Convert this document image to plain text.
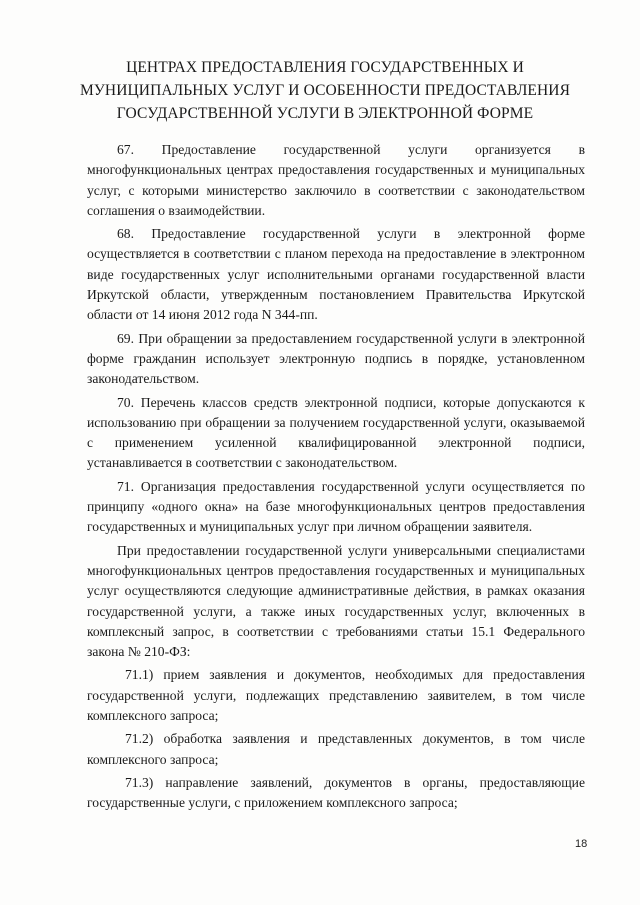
ЦЕНТРАХ ПРЕДОСТАВЛЕНИЯ ГОСУДАРСТВЕННЫХ И
МУНИЦИПАЛЬНЫХ УСЛУГ И ОСОБЕННОСТИ ПРЕДОСТАВЛЕНИЯ
ГОСУДАРСТВЕННОЙ УСЛУГИ В ЭЛЕКТРОННОЙ ФОРМЕ

67. Предоставление государственной услуги организуется в многофункциональных центрах предоставления государственных и муниципальных услуг, с которыми министерство заключило в соответствии с законодательством соглашения о взаимодействии.

68. Предоставление государственной услуги в электронной форме осуществляется в соответствии с планом перехода на предоставление в электронном виде государственных услуг исполнительными органами государственной власти Иркутской области, утвержденным постановлением Правительства Иркутской области от 14 июня 2012 года N 344-пп.

69. При обращении за предоставлением государственной услуги в электронной форме гражданин использует электронную подпись в порядке, установленном законодательством.

70. Перечень классов средств электронной подписи, которые допускаются к использованию при обращении за получением государственной услуги, оказываемой с применением усиленной квалифицированной электронной подписи, устанавливается в соответствии с законодательством.

71. Организация предоставления государственной услуги осуществляется по принципу «одного окна» на базе многофункциональных центров предоставления государственных и муниципальных услуг при личном обращении заявителя.

При предоставлении государственной услуги универсальными специалистами многофункциональных центров предоставления государственных и муниципальных услуг осуществляются следующие административные действия, в рамках оказания государственной услуги, а также иных государственных услуг, включенных в комплексный запрос, в соответствии с требованиями статьи 15.1 Федерального закона № 210-ФЗ:

71.1) прием заявления и документов, необходимых для предоставления государственной услуги, подлежащих представлению заявителем, в том числе комплексного запроса;

71.2) обработка заявления и представленных документов, в том числе комплексного запроса;

71.3) направление заявлений, документов в органы, предоставляющие государственные услуги, с приложением комплексного запроса;

18
